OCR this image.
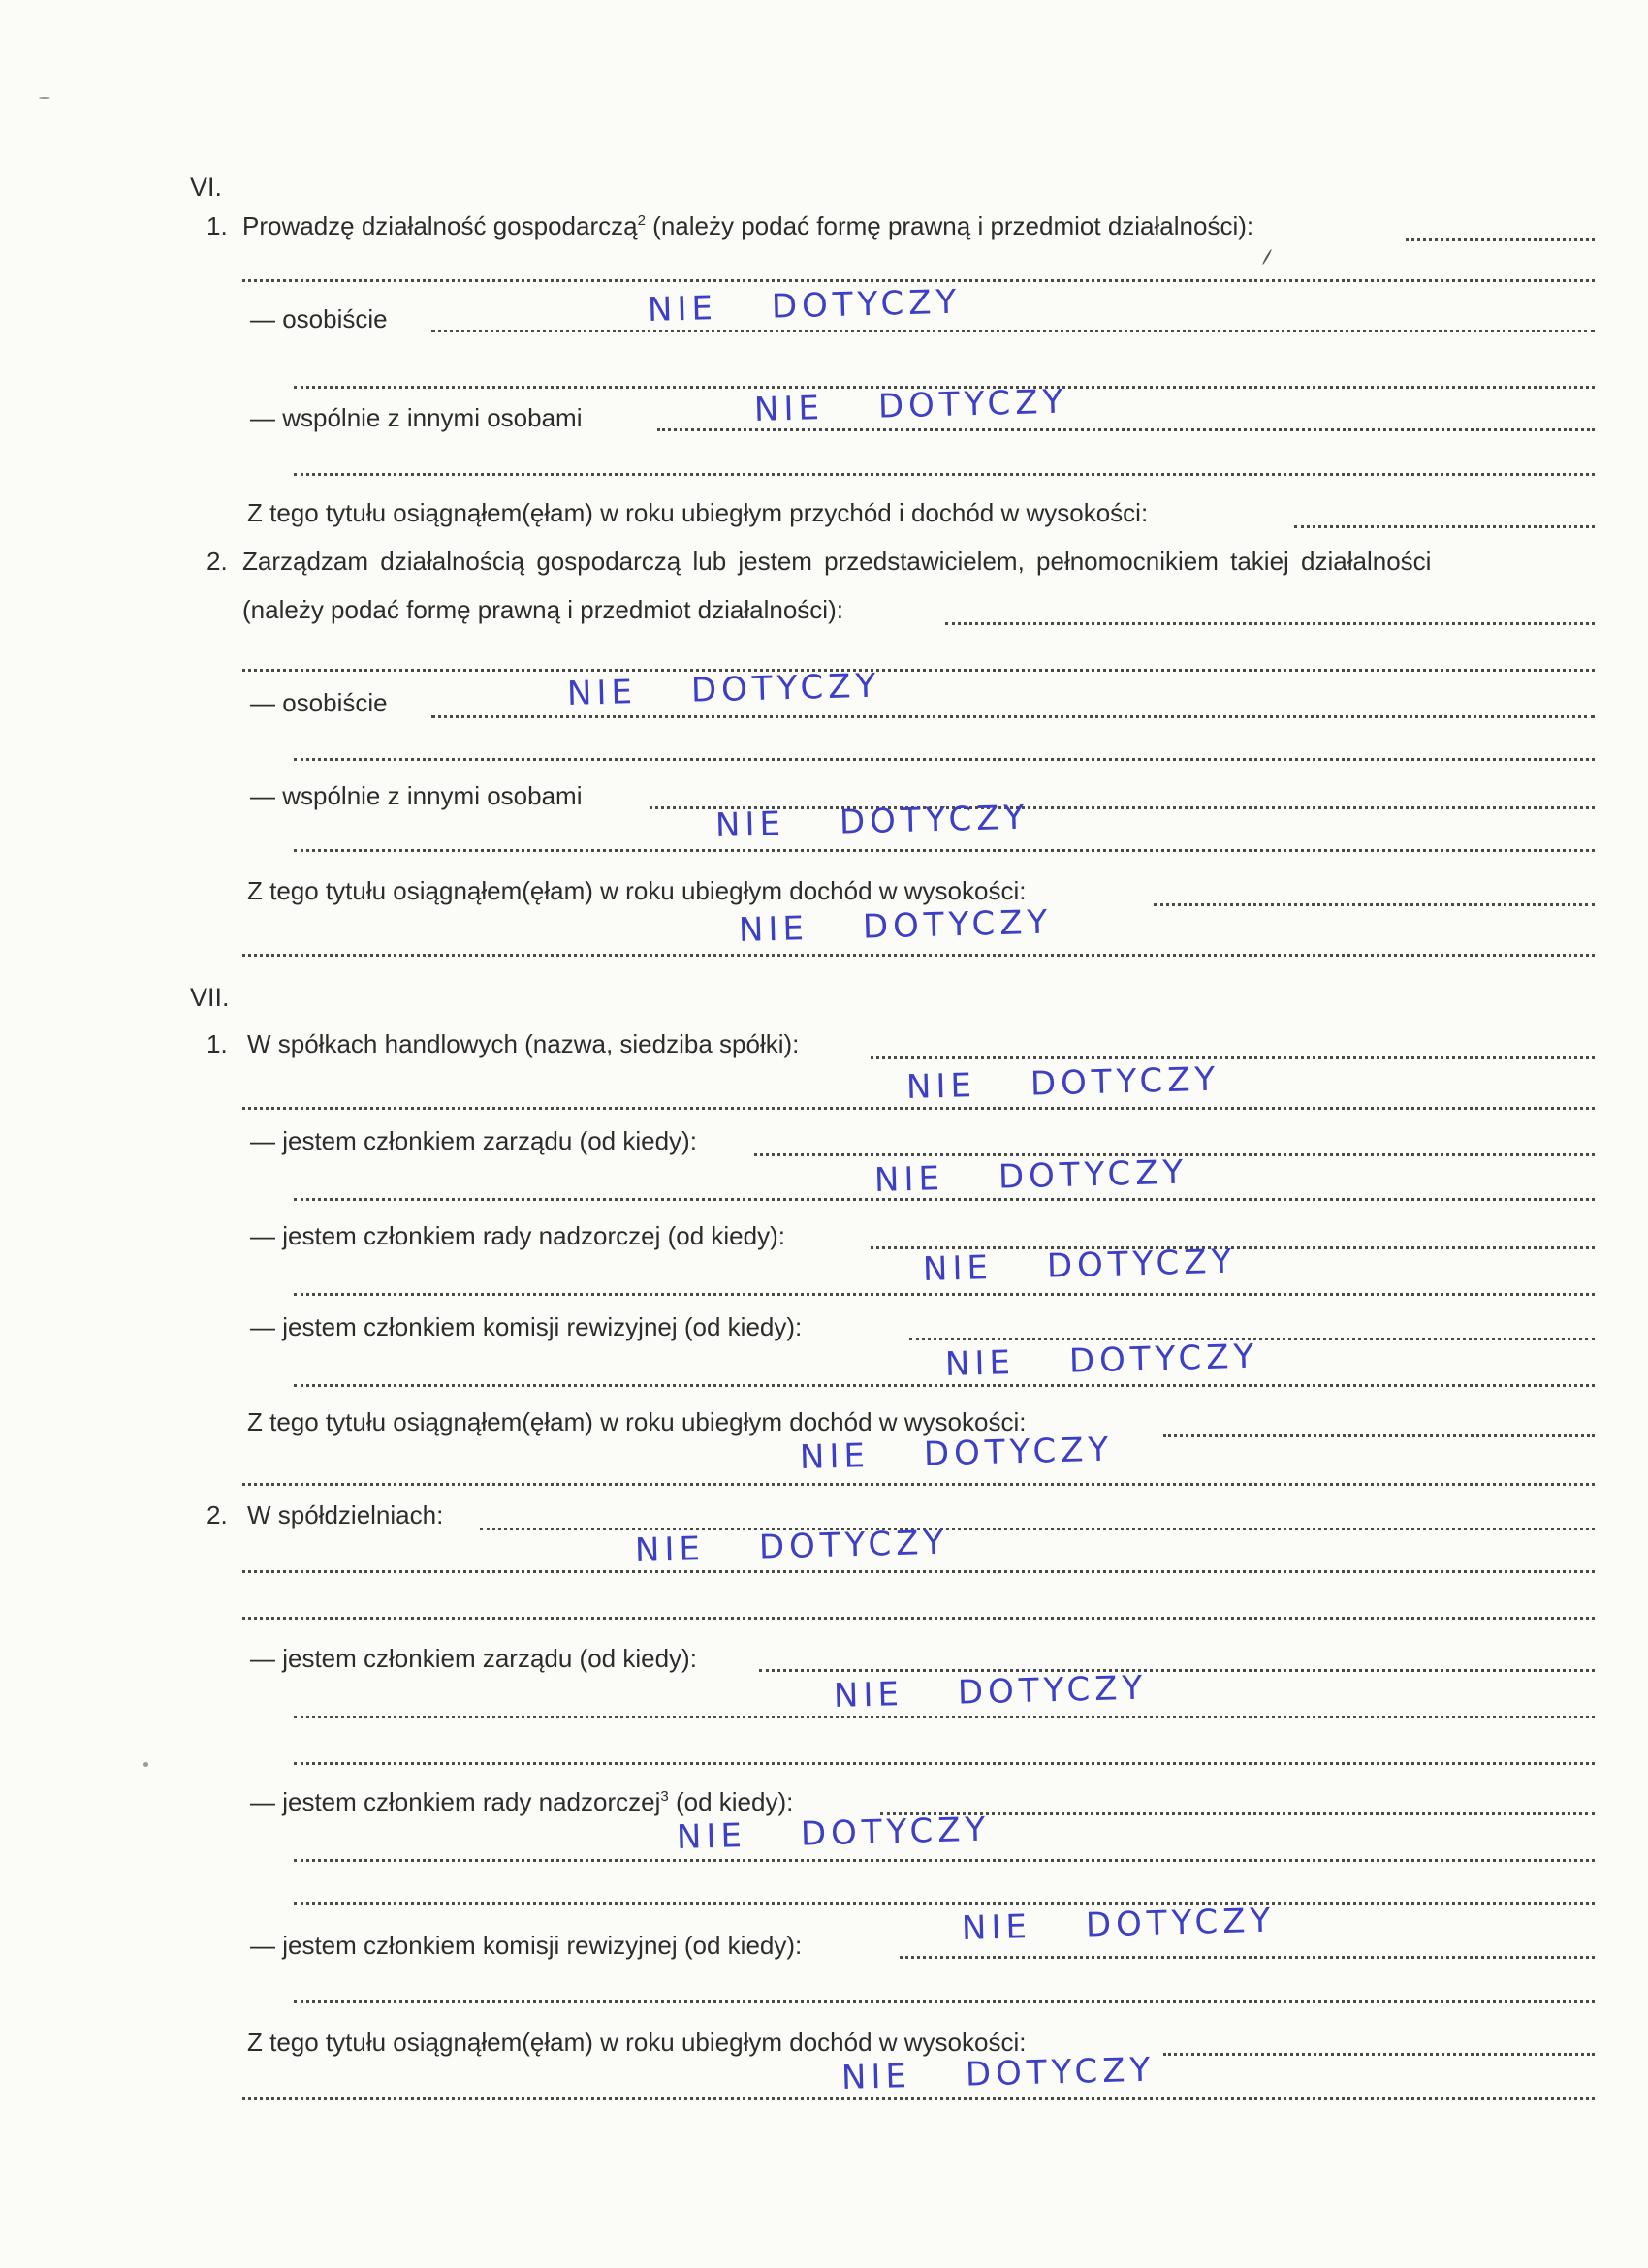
VI.
1. Prowadzę działalność gospodarczą$^2$ (należy podać formę prawną i przedmiot działalności):
— osobiście	NIE DOTYCZY
— wspólnie z innymi osobami	NIE DOTYCZY
Z tego tytułu osiągnąłem(ęłam) w roku ubiegłym przychód i dochód w wysokości:
2. Zarządzam działalnością gospodarczą lub jestem przedstawicielem, pełnomocnikiem takiej działalności
(należy podać formę prawną i przedmiot działalności):
— osobiście	NIE DOTYCZY
— wspólnie z innymi osobami
NIE DOTYCZY
Z tego tytułu osiągnąłem(ęłam) w roku ubiegłym dochód w wysokości:
NIE DOTYCZY
VII.
1. W spółkach handlowych (nazwa, siedziba spółki):
NIE DOTYCZY
— jestem członkiem zarządu (od kiedy):
NIE DOTYCZY
— jestem członkiem rady nadzorczej (od kiedy):
NIE DOTYCZY
— jestem członkiem komisji rewizyjnej (od kiedy):
NIE DOTYCZY
Z tego tytułu osiągnąłem(ęłam) w roku ubiegłym dochód w wysokości:
NIE DOTYCZY
2. W spółdzielniach:
NIE DOTYCZY
— jestem członkiem zarządu (od kiedy):
NIE DOTYCZY
— jestem członkiem rady nadzorczej$^3$ (od kiedy):
NIE DOTYCZY
— jestem członkiem komisji rewizyjnej (od kiedy):	NIE DOTYCZY
Z tego tytułu osiągnąłem(ęłam) w roku ubiegłym dochód w wysokości:
NIE DOTYCZY
